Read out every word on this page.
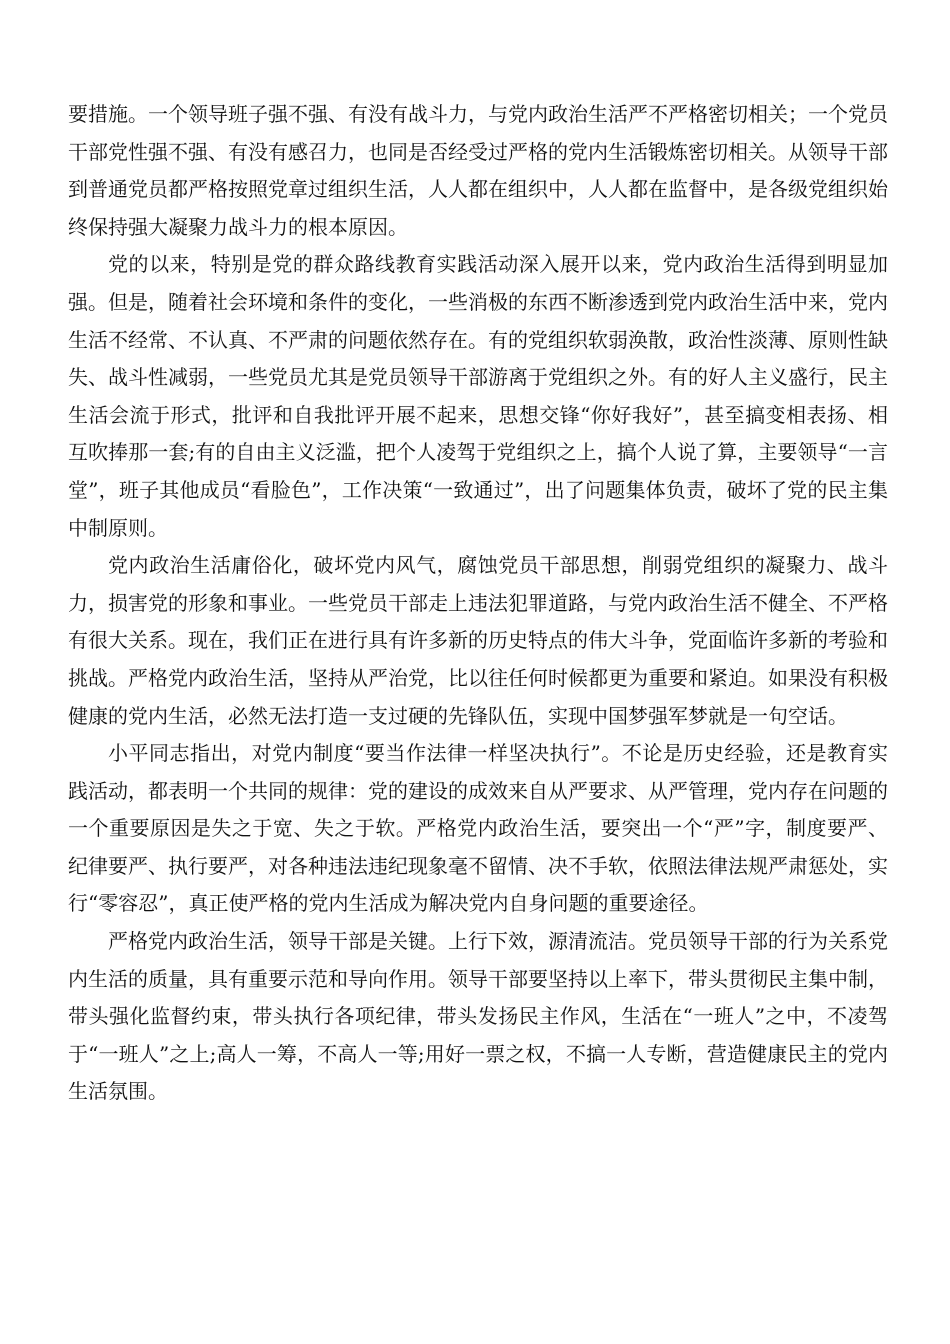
要措施。一个领导班子强不强、有没有战斗力，与党内政治生活严不严格密切相关；一个党员干部党性强不强、有没有感召力，也同是否经受过严格的党内生活锻炼密切相关。从领导干部到普通党员都严格按照党章过组织生活，人人都在组织中，人人都在监督中，是各级党组织始终保持强大凝聚力战斗力的根本原因。

党的以来，特别是党的群众路线教育实践活动深入展开以来，党内政治生活得到明显加强。但是，随着社会环境和条件的变化，一些消极的东西不断渗透到党内政治生活中来，党内生活不经常、不认真、不严肃的问题依然存在。有的党组织软弱涣散，政治性淡薄、原则性缺失、战斗性减弱，一些党员尤其是党员领导干部游离于党组织之外。有的好人主义盛行，民主生活会流于形式，批评和自我批评开展不起来，思想交锋“你好我好”，甚至搞变相表扬、相互吹捧那一套;有的自由主义泛滥，把个人凌驾于党组织之上，搞个人说了算，主要领导“一言堂”，班子其他成员“看脸色”，工作决策“一致通过”，出了问题集体负责，破坏了党的民主集中制原则。

党内政治生活庸俗化，破坏党内风气，腐蚀党员干部思想，削弱党组织的凝聚力、战斗力，损害党的形象和事业。一些党员干部走上违法犯罪道路，与党内政治生活不健全、不严格有很大关系。现在，我们正在进行具有许多新的历史特点的伟大斗争，党面临许多新的考验和挑战。严格党内政治生活，坚持从严治党，比以往任何时候都更为重要和紧迫。如果没有积极健康的党内生活，必然无法打造一支过硬的先锋队伍，实现中国梦强军梦就是一句空话。

小平同志指出，对党内制度“要当作法律一样坚决执行”。不论是历史经验，还是教育实践活动，都表明一个共同的规律：党的建设的成效来自从严要求、从严管理，党内存在问题的一个重要原因是失之于宽、失之于软。严格党内政治生活，要突出一个“严”字，制度要严、纪律要严、执行要严，对各种违法违纪现象毫不留情、决不手软，依照法律法规严肃惩处，实行“零容忍”，真正使严格的党内生活成为解决党内自身问题的重要途径。

严格党内政治生活，领导干部是关键。上行下效，源清流洁。党员领导干部的行为关系党内生活的质量，具有重要示范和导向作用。领导干部要坚持以上率下，带头贯彻民主集中制，带头强化监督约束，带头执行各项纪律，带头发扬民主作风，生活在“一班人”之中，不凌驾于“一班人”之上;高人一筹，不高人一等;用好一票之权，不搞一人专断，营造健康民主的党内生活氛围。
